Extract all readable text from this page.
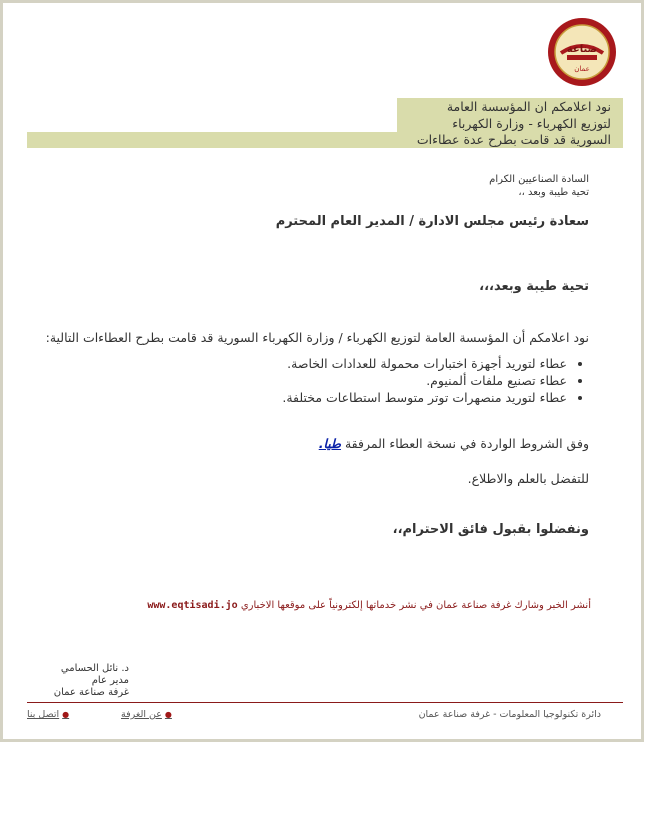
عمان
صناعة
نود اعلامكم ان المؤسسة العامة
لتوزيع الكهرباء - وزارة الكهرباء
السورية قد قامت بطرح عدة عطاءات
السادة الصناعيين الكرام
تحية طيبة وبعد ،،
سعادة رئيس مجلس الادارة / المدير العام المحترم
تحية طيبة وبعد،،،
نود اعلامكم أن المؤسسة العامة لتوزيع الكهرباء / وزارة الكهرباء السورية قد قامت بطرح العطاءات التالية:
• عطاء لتوريد أجهزة اختبارات محمولة للعدادات الخاصة.
• عطاء تصنيع ملفات ألمنيوم.
• عطاء لتوريد منصهرات توتر متوسط استطاعات مختلفة.
وفق الشروط الواردة في نسخة العطاء المرفقة طيا.
للتفضل بالعلم والاطلاع.
ونفضلوا بقبول فائق الاحترام،،
أنشر الخبر وشارك غرفة صناعة عمان في نشر خدماتها إلكترونياً على موقعها الاخباري www.eqtisadi.jo
د. نائل الحسامي
مدير عام
غرفة صناعة عمان
دائرة تكنولوجيا المعلومات - غرفة صناعة عمان
●عن الغرفة
●اتصل بنا
